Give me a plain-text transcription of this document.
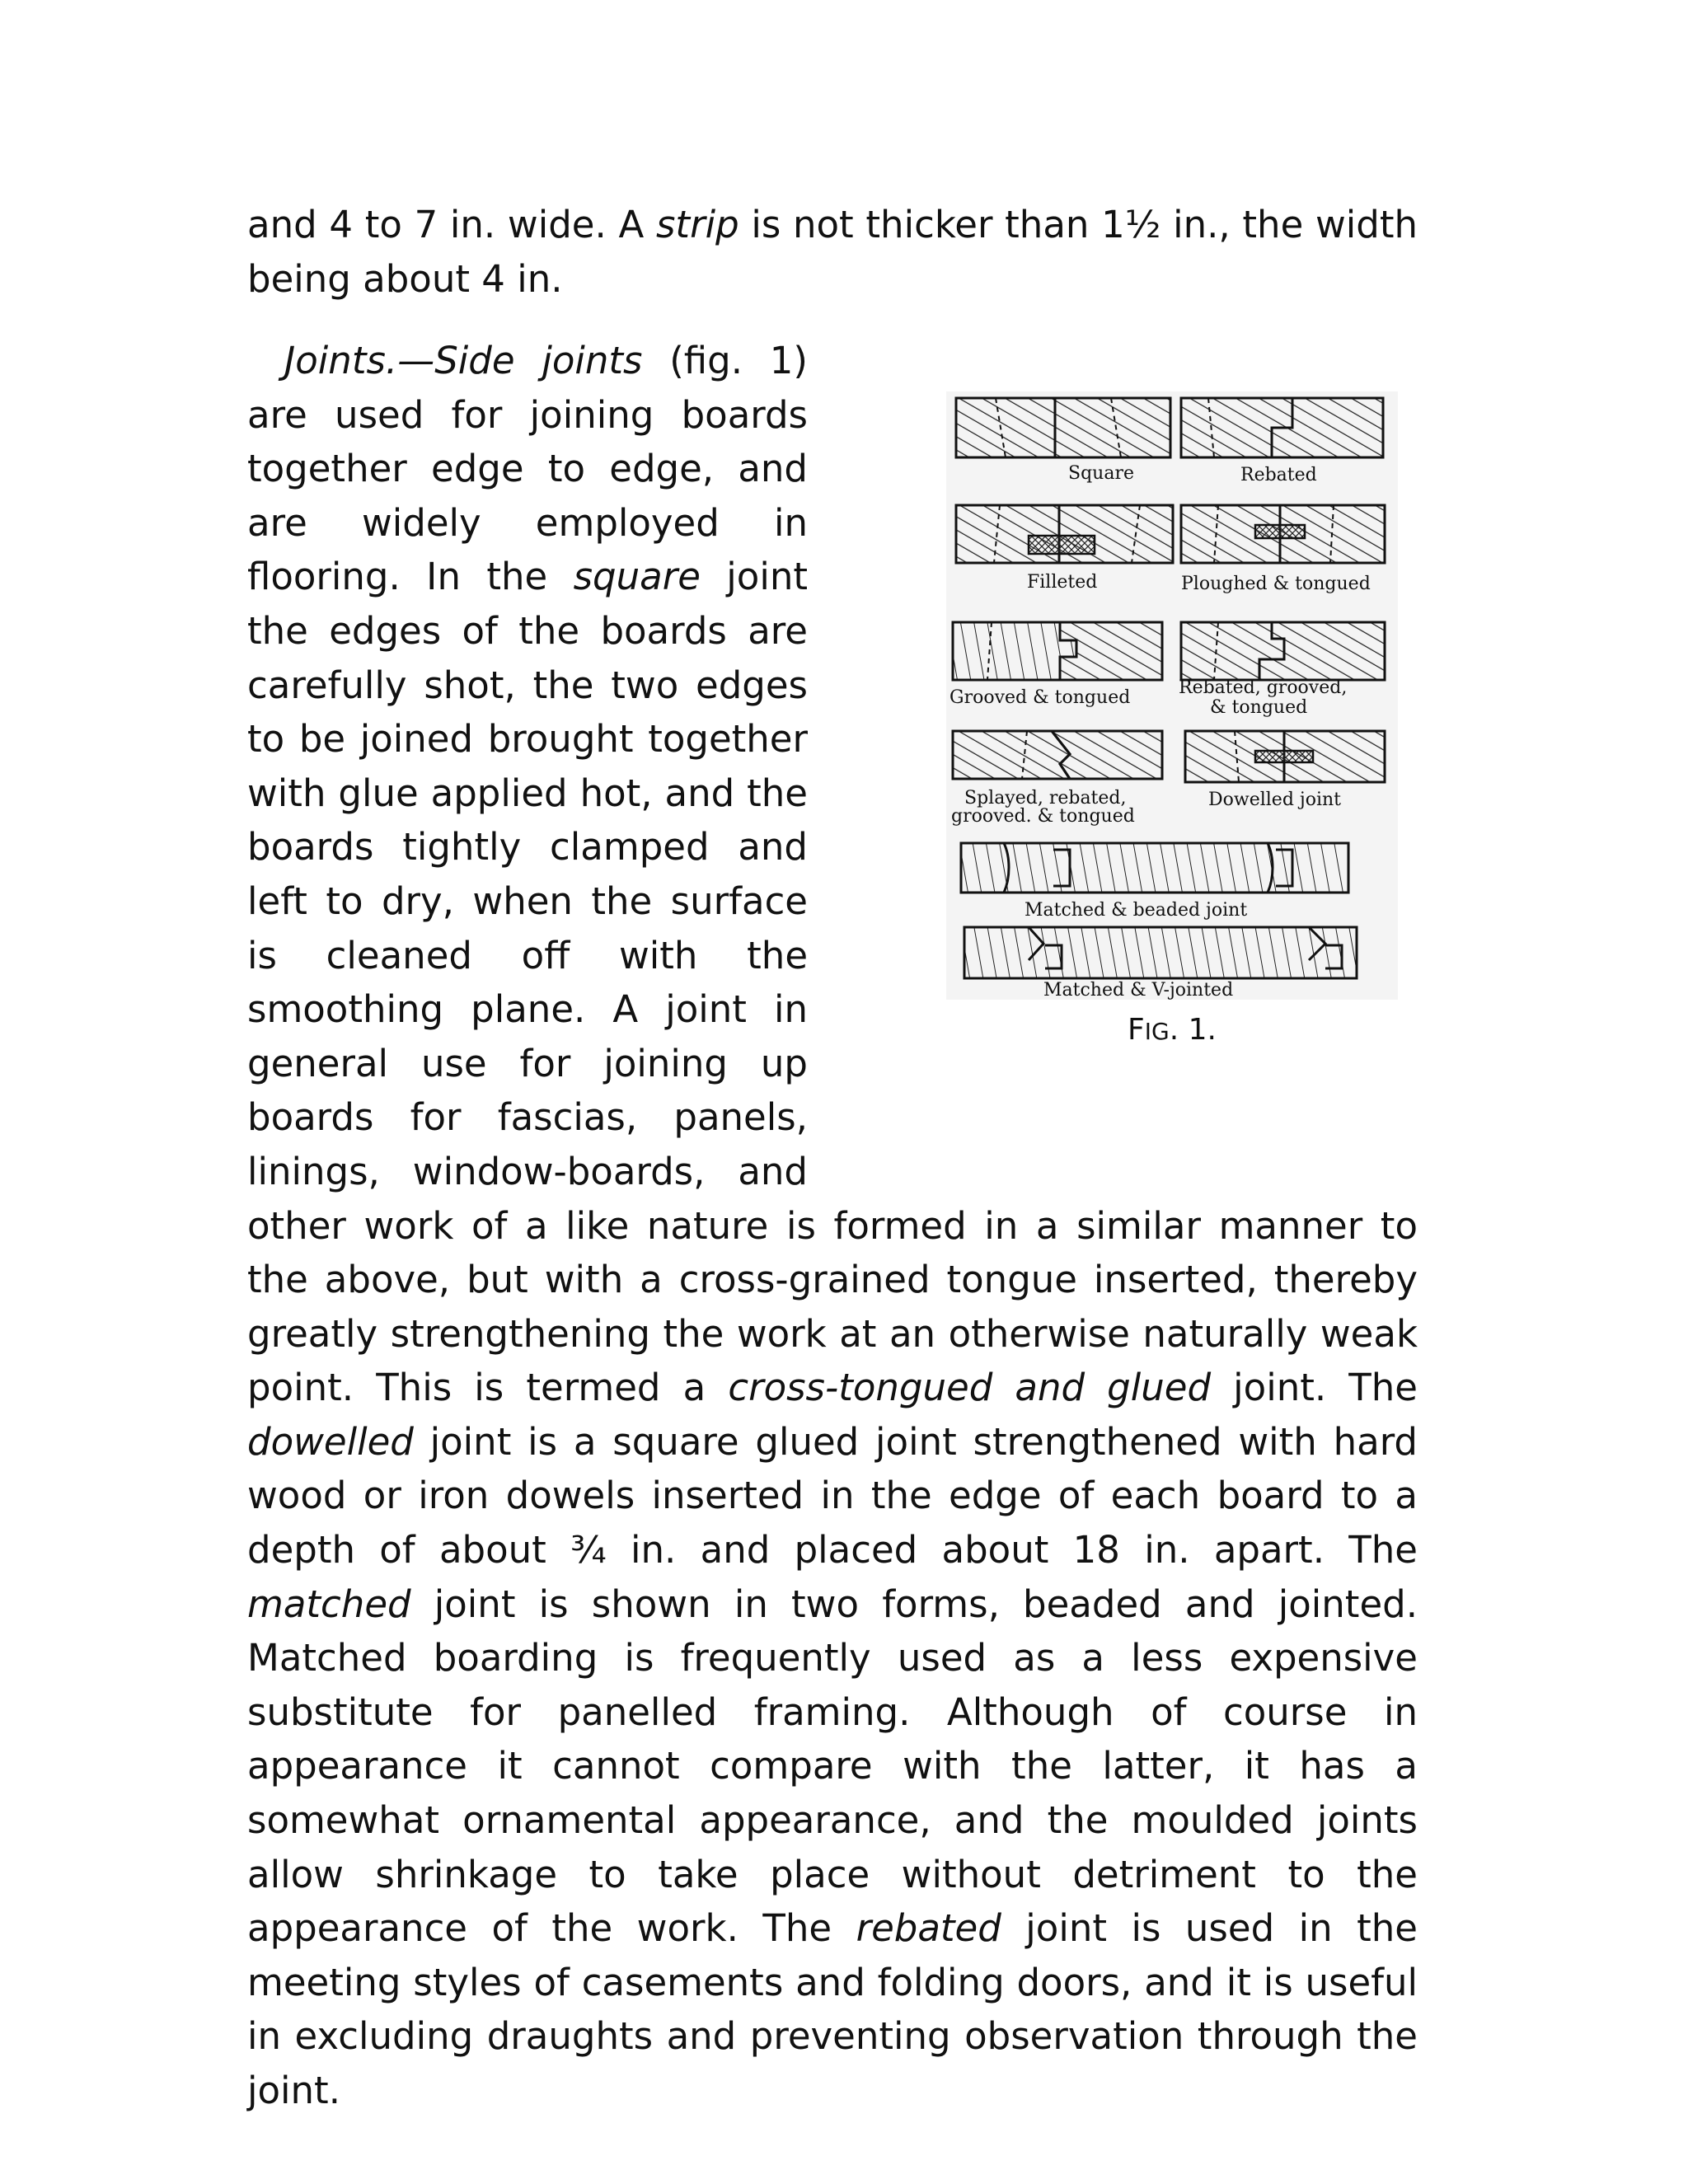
and 4 to 7 in. wide. A strip is not thicker than 1½ in., the width being about 4 in.

Square	Rebated
Filleted	Ploughed & tongued
Grooved & tongued	Rebated, grooved,
& tongued
Splayed, rebated,
grooved. & tongued
Dowelled joint
Matched & beaded joint
Matched & V-jointed
FIG. 1.
Joints.—Side joints (fig. 1) are used for joining boards together edge to edge, and are widely employed in flooring. In the square joint the edges of the boards are carefully shot, the two edges to be joined brought together with glue applied hot, and the boards tightly clamped and left to dry, when the surface is cleaned off with the smoothing plane. A joint in general use for joining up boards for fascias, panels, linings, window-boards, and other work of a like nature is formed in a similar manner to the above, but with a cross-grained tongue inserted, thereby greatly strengthening the work at an otherwise naturally weak point. This is termed a cross-tongued and glued joint. The dowelled joint is a square glued joint strengthened with hard wood or iron dowels inserted in the edge of each board to a depth of about ¾ in. and placed about 18 in. apart. The matched joint is shown in two forms, beaded and jointed. Matched boarding is frequently used as a less expensive substitute for panelled framing. Although of course in appearance it cannot compare with the latter, it has a somewhat ornamental appearance, and the moulded joints allow shrinkage to take place without detriment to the appearance of the work. The rebated joint is used in the meeting styles of casements and folding doors, and it is useful in excluding draughts and preventing observation through the joint.
